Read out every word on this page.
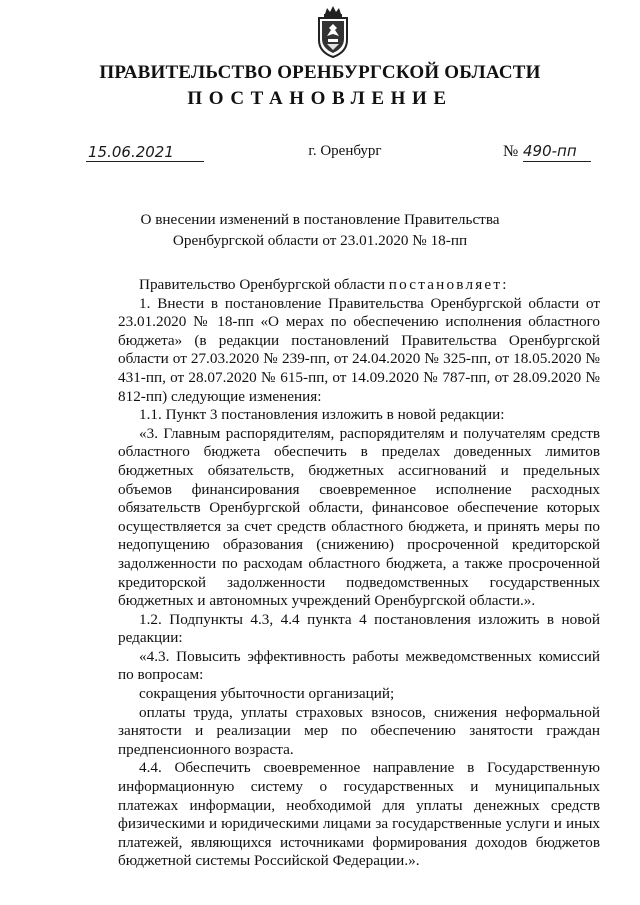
ПРАВИТЕЛЬСТВО ОРЕНБУРГСКОЙ ОБЛАСТИ
ПОСТАНОВЛЕНИЕ
15.06.2021	г. Оренбург	№ 490-пп
О внесении изменений в постановление Правительства
Оренбургской области от 23.01.2020 № 18-пп

Правительство Оренбургской области постановляет:

1. Внести в постановление Правительства Оренбургской области от 23.01.2020 № 18-пп «О мерах по обеспечению исполнения областного бюджета» (в редакции постановлений Правительства Оренбургской области от 27.03.2020 № 239-пп, от 24.04.2020 № 325-пп, от 18.05.2020 № 431-пп, от 28.07.2020 № 615-пп, от 14.09.2020 № 787-пп, от 28.09.2020 № 812-пп) следующие изменения:

1.1. Пункт 3 постановления изложить в новой редакции:

«3. Главным распорядителям, распорядителям и получателям средств областного бюджета обеспечить в пределах доведенных лимитов бюджетных обязательств, бюджетных ассигнований и предельных объемов финансирования своевременное исполнение расходных обязательств Оренбургской области, финансовое обеспечение которых осуществляется за счет средств областного бюджета, и принять меры по недопущению образования (снижению) просроченной кредиторской задолженности по расходам областного бюджета, а также просроченной кредиторской задолженности подведомственных государственных бюджетных и автономных учреждений Оренбургской области.».

1.2. Подпункты 4.3, 4.4 пункта 4 постановления изложить в новой редакции:

«4.3. Повысить эффективность работы межведомственных комиссий по вопросам:

сокращения убыточности организаций;

оплаты труда, уплаты страховых взносов, снижения неформальной занятости и реализации мер по обеспечению занятости граждан предпенсионного возраста.

4.4. Обеспечить своевременное направление в Государственную информационную систему о государственных и муниципальных платежах информации, необходимой для уплаты денежных средств физическими и юридическими лицами за государственные услуги и иных платежей, являющихся источниками формирования доходов бюджетов бюджетной системы Российской Федерации.».
